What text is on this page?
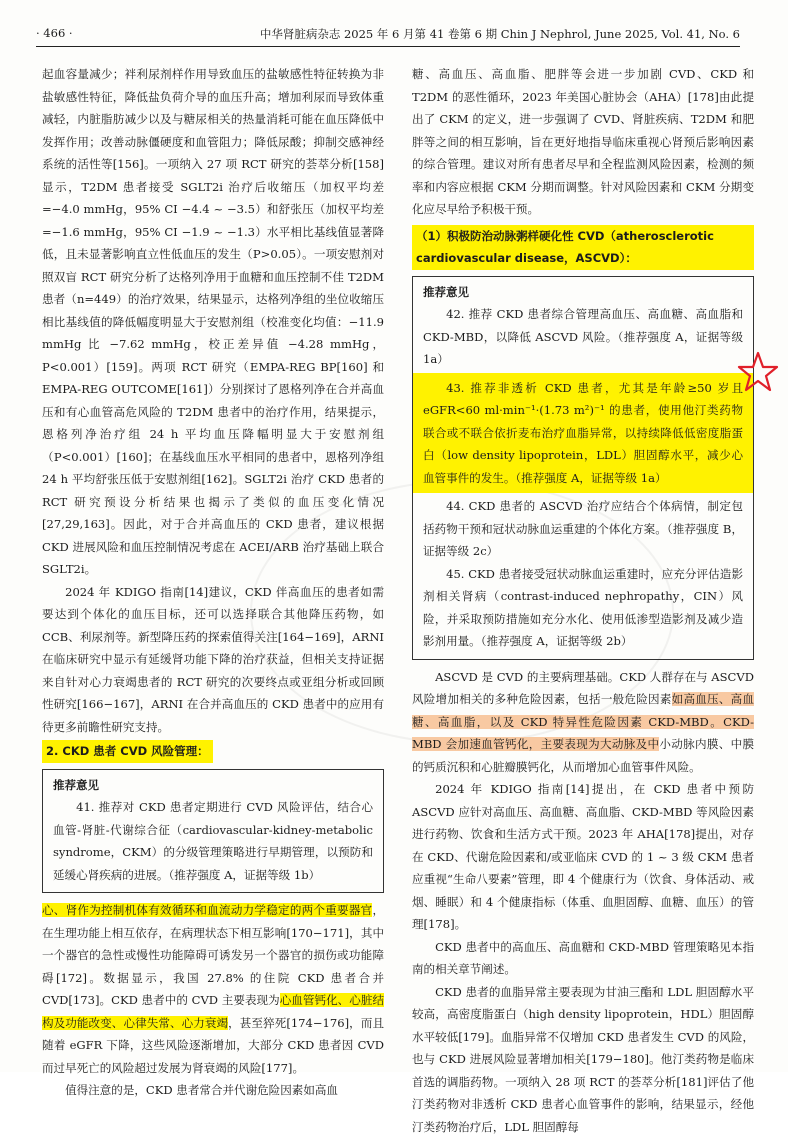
· 466 ·	中华肾脏病杂志 2025 年 6 月第 41 卷第 6 期 Chin J Nephrol, June 2025, Vol. 41, No. 6

起血容量减少；袢利尿剂样作用导致血压的盐敏感性特征转换为非盐敏感性特征，降低盐负荷介导的血压升高；增加利尿而导致体重减轻，内脏脂肪减少以及与糖尿相关的热量消耗可能在血压降低中发挥作用；改善动脉僵硬度和血管阻力；降低尿酸；抑制交感神经系统的活性等[156]。一项纳入 27 项 RCT 研究的荟萃分析[158]显示，T2DM 患者接受 SGLT2i 治疗后收缩压（加权平均差=−4.0 mmHg，95% CI −4.4 ~ −3.5）和舒张压（加权平均差=−1.6 mmHg，95% CI −1.9 ~ −1.3）水平相比基线值显著降低，且未显著影响直立性低血压的发生（P>0.05）。一项安慰剂对照双盲 RCT 研究分析了达格列净用于血糖和血压控制不佳 T2DM 患者（n=449）的治疗效果，结果显示，达格列净组的坐位收缩压相比基线值的降低幅度明显大于安慰剂组（校准变化均值：−11.9 mmHg 比 −7.62 mmHg，校正差异值 −4.28 mmHg，P<0.001）[159]。两项 RCT 研究（EMPA-REG BP[160] 和 EMPA-REG OUTCOME[161]）分别探讨了恩格列净在合并高血压和有心血管高危风险的 T2DM 患者中的治疗作用，结果提示，恩格列净治疗组 24 h 平均血压降幅明显大于安慰剂组（P<0.001）[160]；在基线血压水平相同的患者中，恩格列净组 24 h 平均舒张压低于安慰剂组[162]。SGLT2i 治疗 CKD 患者的 RCT 研究预设分析结果也揭示了类似的血压变化情况[27,29,163]。因此，对于合并高血压的 CKD 患者，建议根据 CKD 进展风险和血压控制情况考虑在 ACEI/ARB 治疗基础上联合 SGLT2i。

2024 年 KDIGO 指南[14]建议，CKD 伴高血压的患者如需要达到个体化的血压目标，还可以选择联合其他降压药物，如 CCB、利尿剂等。新型降压药的探索值得关注[164−169]，ARNI 在临床研究中显示有延缓肾功能下降的治疗获益，但相关支持证据来自针对心力衰竭患者的 RCT 研究的次要终点或亚组分析或回顾性研究[166−167]，ARNI 在合并高血压的 CKD 患者中的应用有待更多前瞻性研究支持。

2. CKD 患者 CVD 风险管理：
推荐意见

41. 推荐对 CKD 患者定期进行 CVD 风险评估，结合心血管-肾脏-代谢综合征（cardiovascular-kidney-metabolic syndrome，CKM）的分级管理策略进行早期管理，以预防和延缓心肾疾病的进展。（推荐强度 A，证据等级 1b）

心、肾作为控制机体有效循环和血流动力学稳定的两个重要器官，在生理功能上相互依存，在病理状态下相互影响[170−171]，其中一个器官的急性或慢性功能障碍可诱发另一个器官的损伤或功能障碍[172]。数据显示，我国 27.8% 的住院 CKD 患者合并 CVD[173]。CKD 患者中的 CVD 主要表现为心血管钙化、心脏结构及功能改变、心律失常、心力衰竭，甚至猝死[174−176]，而且随着 eGFR 下降，这些风险逐渐增加，大部分 CKD 患者因 CVD 而过早死亡的风险超过发展为肾衰竭的风险[177]。

值得注意的是，CKD 患者常合并代谢危险因素如高血

糖、高血压、高血脂、肥胖等会进一步加剧 CVD、CKD 和 T2DM 的恶性循环，2023 年美国心脏协会（AHA）[178]由此提出了 CKM 的定义，进一步强调了 CVD、肾脏疾病、T2DM 和肥胖等之间的相互影响，旨在更好地指导临床重视心肾预后影响因素的综合管理。建议对所有患者尽早和全程监测风险因素，检测的频率和内容应根据 CKM 分期而调整。针对风险因素和 CKM 分期变化应尽早给予积极干预。

（1）积极防治动脉粥样硬化性 CVD（atherosclerotic cardiovascular disease，ASCVD）：
推荐意见

42. 推荐 CKD 患者综合管理高血压、高血糖、高血脂和 CKD-MBD，以降低 ASCVD 风险。（推荐强度 A，证据等级 1a）

43. 推荐非透析 CKD 患者，尤其是年龄≥50 岁且 eGFR<60 ml·min⁻¹·(1.73 m²)⁻¹ 的患者，使用他汀类药物联合或不联合依折麦布治疗血脂异常，以持续降低低密度脂蛋白（low density lipoprotein，LDL）胆固醇水平，减少心血管事件的发生。（推荐强度 A，证据等级 1a）

44. CKD 患者的 ASCVD 治疗应结合个体病情，制定包括药物干预和冠状动脉血运重建的个体化方案。（推荐强度 B，证据等级 2c）

45. CKD 患者接受冠状动脉血运重建时，应充分评估造影剂相关肾病（contrast-induced nephropathy，CIN）风险，并采取预防措施如充分水化、使用低渗型造影剂及减少造影剂用量。（推荐强度 A，证据等级 2b）

ASCVD 是 CVD 的主要病理基础。CKD 人群存在与 ASCVD 风险增加相关的多种危险因素，包括一般危险因素如高血压、高血糖、高血脂，以及 CKD 特异性危险因素 CKD-MBD。CKD-MBD 会加速血管钙化，主要表现为大动脉及中小动脉内膜、中膜的钙质沉积和心脏瓣膜钙化，从而增加心血管事件风险。

2024 年 KDIGO 指南[14]提出，在 CKD 患者中预防 ASCVD 应针对高血压、高血糖、高血脂、CKD-MBD 等风险因素进行药物、饮食和生活方式干预。2023 年 AHA[178]提出，对存在 CKD、代谢危险因素和/或亚临床 CVD 的 1 ~ 3 级 CKM 患者应重视“生命八要素”管理，即 4 个健康行为（饮食、身体活动、戒烟、睡眠）和 4 个健康指标（体重、血胆固醇、血糖、血压）的管理[178]。

CKD 患者中的高血压、高血糖和 CKD-MBD 管理策略见本指南的相关章节阐述。

CKD 患者的血脂异常主要表现为甘油三酯和 LDL 胆固醇水平较高，高密度脂蛋白（high density lipoprotein，HDL）胆固醇水平较低[179]。血脂异常不仅增加 CKD 患者发生 CVD 的风险，也与 CKD 进展风险显著增加相关[179−180]。他汀类药物是临床首选的调脂药物。一项纳入 28 项 RCT 的荟萃分析[181]评估了他汀类药物对非透析 CKD 患者心血管事件的影响，结果显示，经他汀类药物治疗后，LDL 胆固醇每
